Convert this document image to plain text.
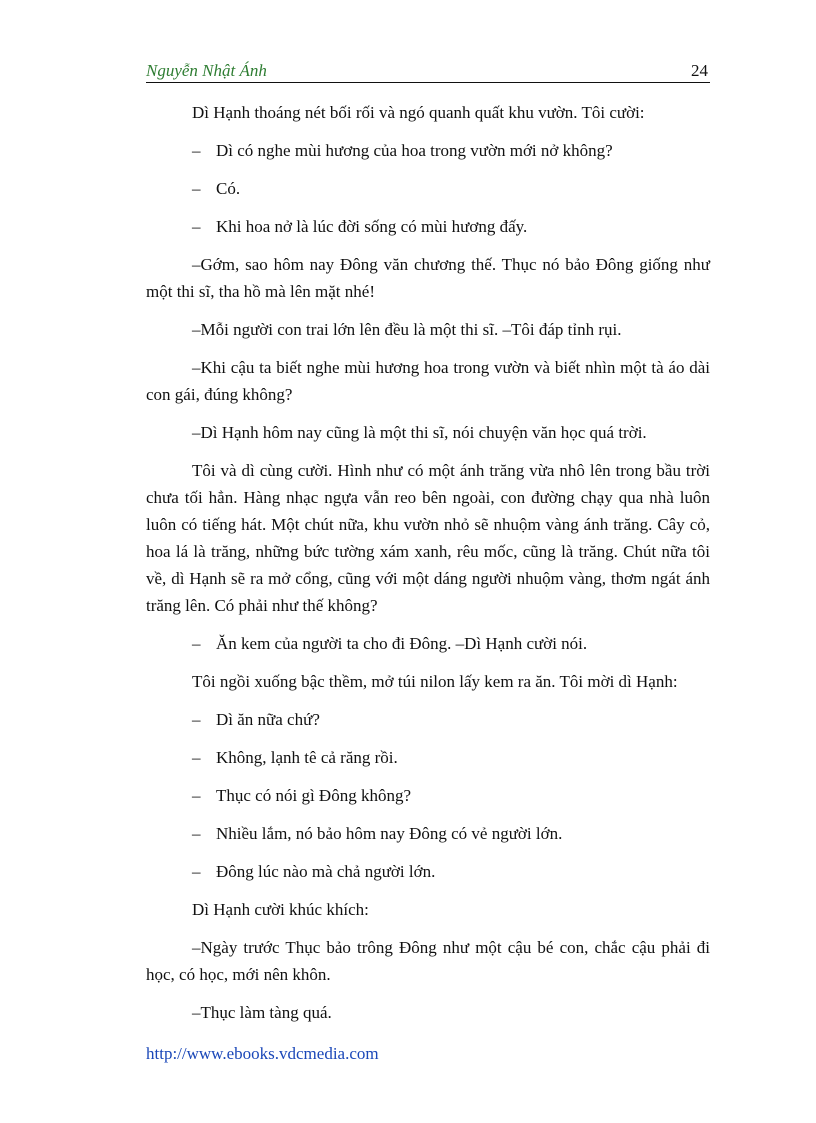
Nguyễn Nhật Ánh	24

Dì Hạnh thoáng nét bối rối và ngó quanh quất khu vườn. Tôi cười:

– Dì có nghe mùi hương của hoa trong vườn mới nở không?

– Có.

– Khi hoa nở là lúc đời sống có mùi hương đấy.

–Gớm, sao hôm nay Đông văn chương thế. Thục nó bảo Đông giống như một thi sĩ, tha hồ mà lên mặt nhé!

–Mỗi người con trai lớn lên đều là một thi sĩ. –Tôi đáp tỉnh rụi.

–Khi cậu ta biết nghe mùi hương hoa trong vườn và biết nhìn một tà áo dài con gái, đúng không?

–Dì Hạnh hôm nay cũng là một thi sĩ, nói chuyện văn học quá trời.

Tôi và dì cùng cười. Hình như có một ánh trăng vừa nhô lên trong bầu trời chưa tối hẳn. Hàng nhạc ngựa vẫn reo bên ngoài, con đường chạy qua nhà luôn luôn có tiếng hát. Một chút nữa, khu vườn nhỏ sẽ nhuộm vàng ánh trăng. Cây cỏ, hoa lá là trăng, những bức tường xám xanh, rêu mốc, cũng là trăng. Chút nữa tôi về, dì Hạnh sẽ ra mở cổng, cũng với một dáng người nhuộm vàng, thơm ngát ánh trăng lên. Có phải như thế không?

– Ăn kem của người ta cho đi Đông. –Dì Hạnh cười nói.

Tôi ngồi xuống bậc thềm, mở túi nilon lấy kem ra ăn. Tôi mời dì Hạnh:

– Dì ăn nữa chứ?

– Không, lạnh tê cả răng rồi.

– Thục có nói gì Đông không?

– Nhiều lắm, nó bảo hôm nay Đông có vẻ người lớn.

– Đông lúc nào mà chả người lớn.

Dì Hạnh cười khúc khích:

–Ngày trước Thục bảo trông Đông như một cậu bé con, chắc cậu phải đi học, có học, mới nên khôn.

–Thục làm tàng quá.

http://www.ebooks.vdcmedia.com
